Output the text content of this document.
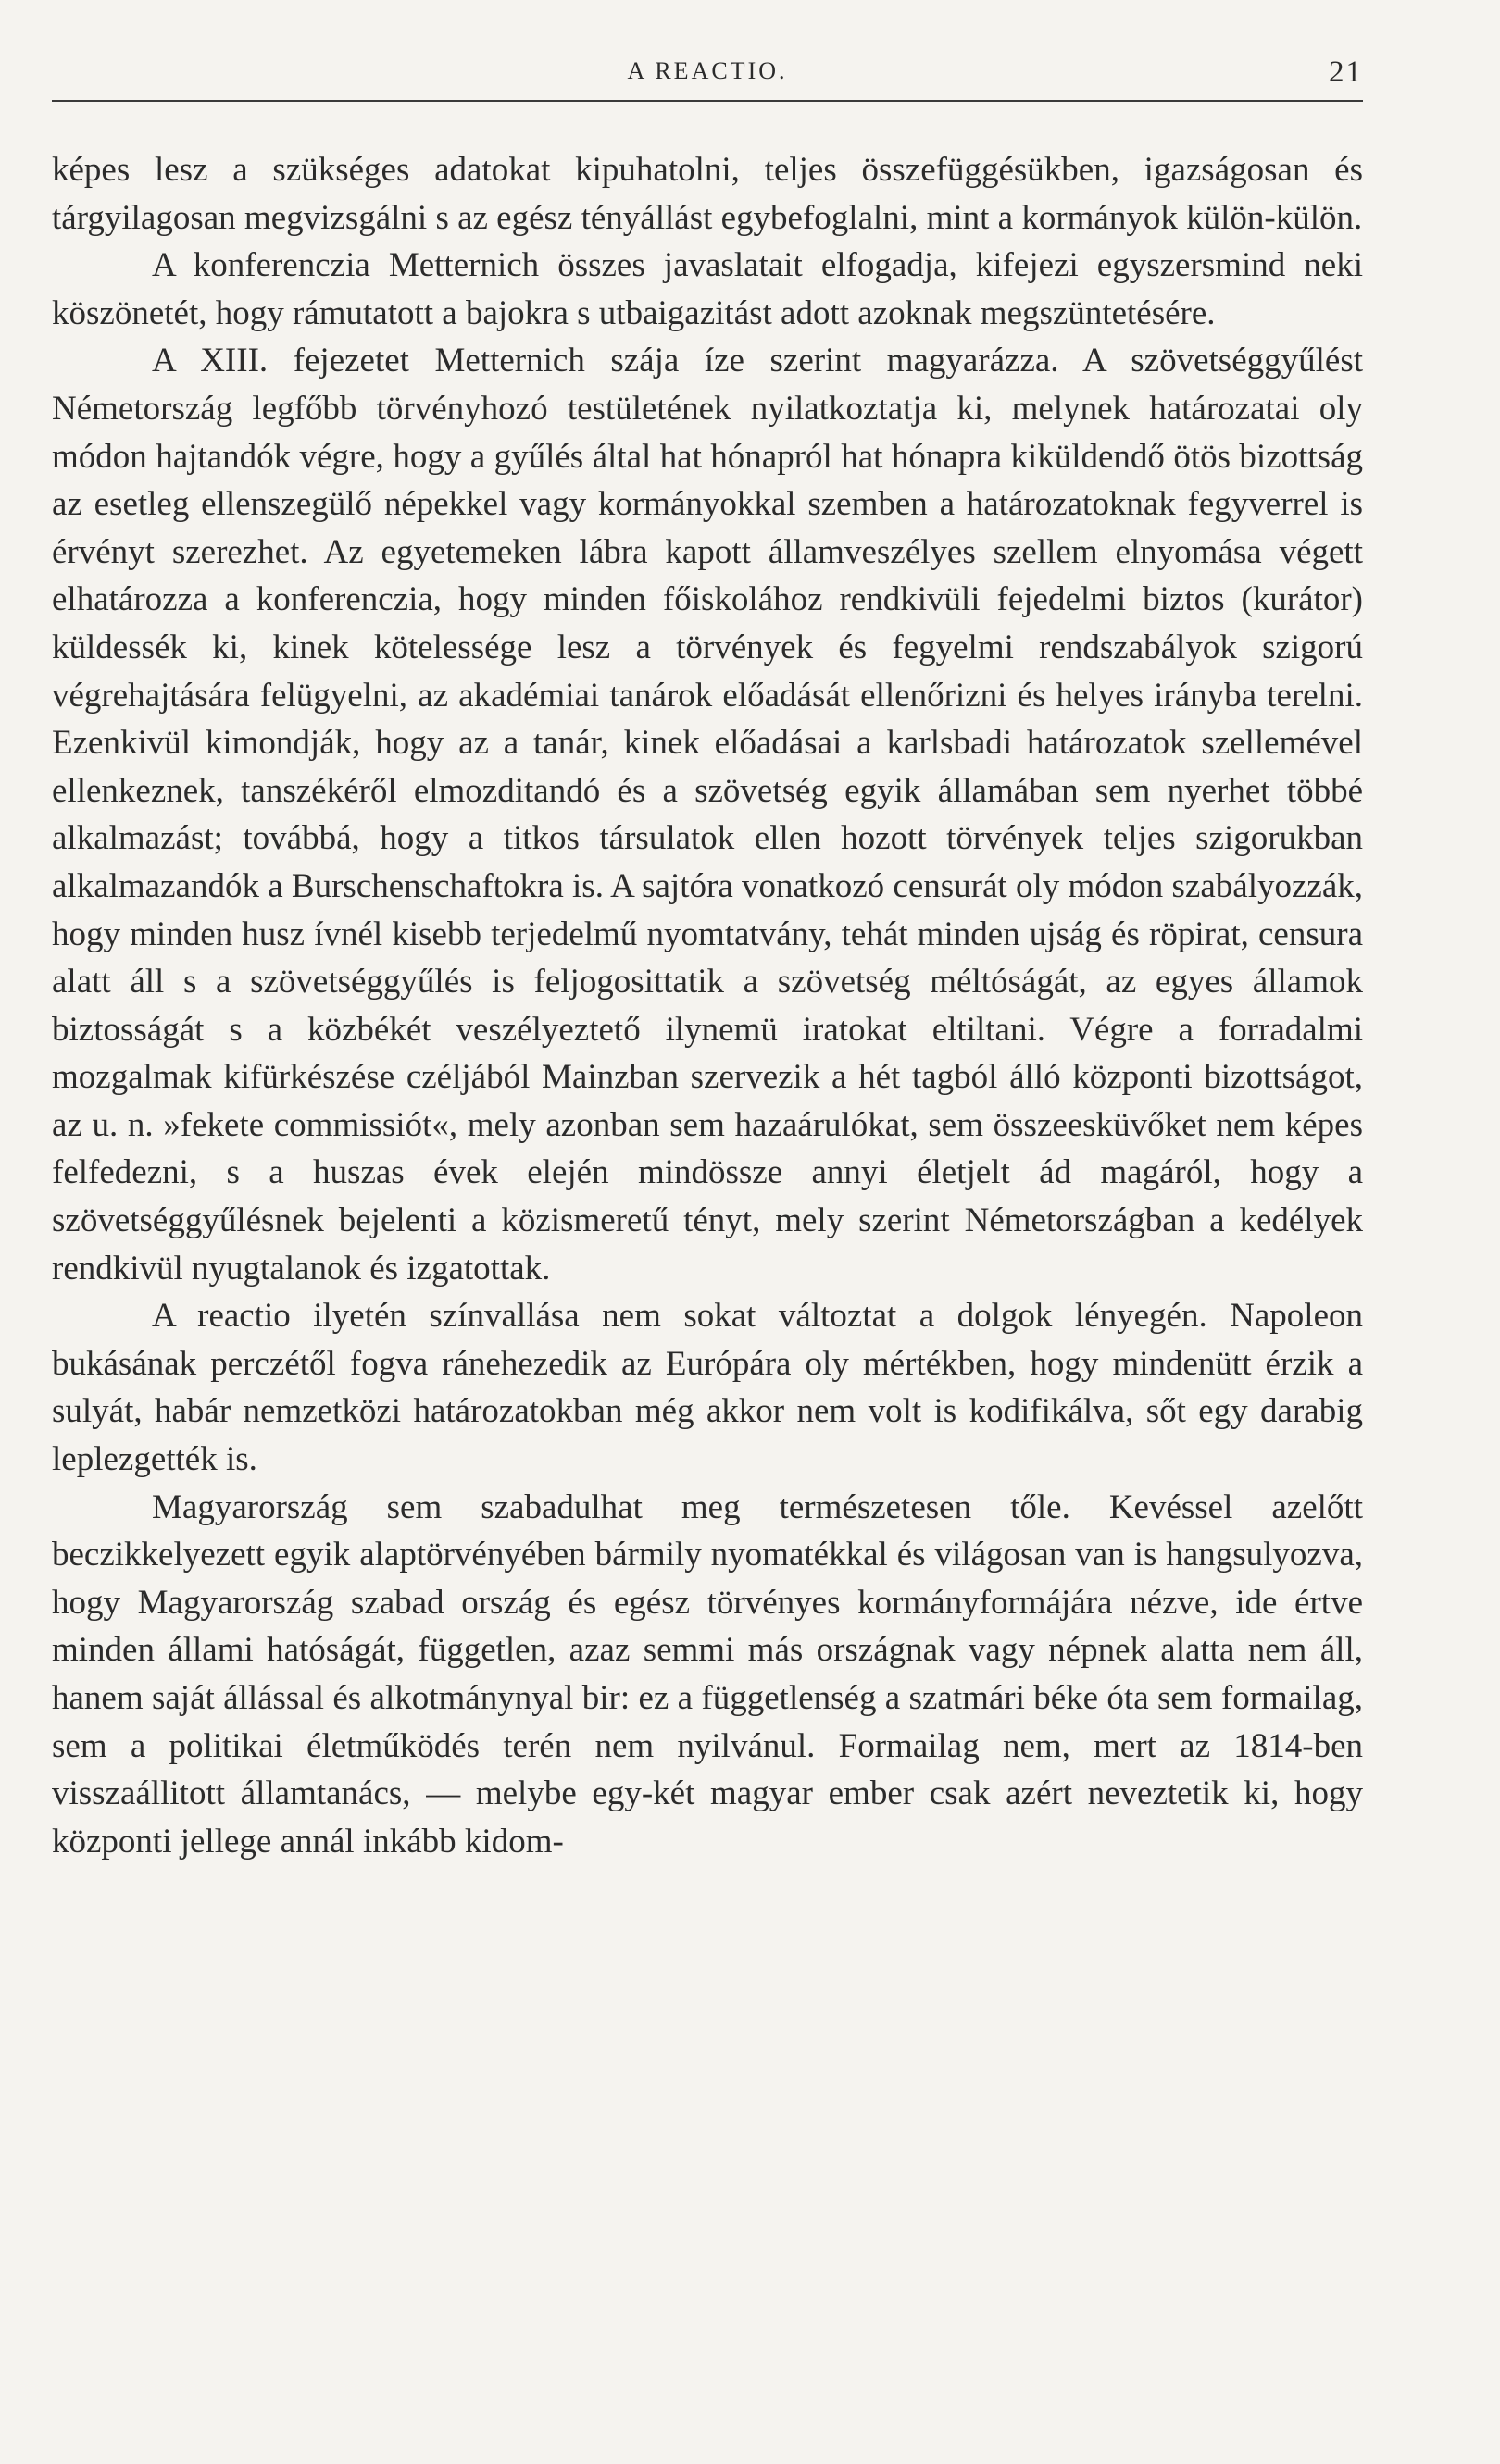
A REACTIO.	21

képes lesz a szükséges adatokat kipuhatolni, teljes összefüggésükben, igazságosan és tárgyilagosan megvizsgálni s az egész tényállást egybefoglalni, mint a kormányok külön-külön.

A konferenczia Metternich összes javaslatait elfogadja, kifejezi egyszersmind neki köszönetét, hogy rámutatott a bajokra s utbaigazitást adott azoknak megszüntetésére.

A XIII. fejezetet Metternich szája íze szerint magyarázza. A szövetséggyűlést Németország legfőbb törvényhozó testületének nyilatkoztatja ki, melynek határozatai oly módon hajtandók végre, hogy a gyűlés által hat hónapról hat hónapra kiküldendő ötös bizottság az esetleg ellenszegülő népekkel vagy kormányokkal szemben a határozatoknak fegyverrel is érvényt szerezhet. Az egyetemeken lábra kapott államveszélyes szellem elnyomása végett elhatározza a konferenczia, hogy minden főiskolához rendkivüli fejedelmi biztos (kurátor) küldessék ki, kinek kötelessége lesz a törvények és fegyelmi rendszabályok szigorú végrehajtására felügyelni, az akadémiai tanárok előadását ellenőrizni és helyes irányba terelni. Ezenkivül kimondják, hogy az a tanár, kinek előadásai a karlsbadi határozatok szellemével ellenkeznek, tanszékéről elmozditandó és a szövetség egyik államában sem nyerhet többé alkalmazást; továbbá, hogy a titkos társulatok ellen hozott törvények teljes szigorukban alkalmazandók a Burschenschaftokra is. A sajtóra vonatkozó censurát oly módon szabályozzák, hogy minden husz ívnél kisebb terjedelmű nyomtatvány, tehát minden ujság és röpirat, censura alatt áll s a szövetséggyűlés is feljogosittatik a szövetség méltóságát, az egyes államok biztosságát s a közbékét veszélyeztető ilynemü iratokat eltiltani. Végre a forradalmi mozgalmak kifürkészése czéljából Mainzban szervezik a hét tagból álló központi bizottságot, az u. n. »fekete commissiót«, mely azonban sem hazaárulókat, sem összeesküvőket nem képes felfedezni, s a huszas évek elején mindössze annyi életjelt ád magáról, hogy a szövetséggyűlésnek bejelenti a közismeretű tényt, mely szerint Németországban a kedélyek rendkivül nyugtalanok és izgatottak.

A reactio ilyetén színvallása nem sokat változtat a dolgok lényegén. Napoleon bukásának perczétől fogva ránehezedik az Európára oly mértékben, hogy mindenütt érzik a sulyát, habár nemzetközi határozatokban még akkor nem volt is kodifikálva, sőt egy darabig leplezgették is.

Magyarország sem szabadulhat meg természetesen tőle. Kevéssel azelőtt beczikkelyezett egyik alaptörvényében bármily nyomatékkal és világosan van is hangsulyozva, hogy Magyarország szabad ország és egész törvényes kormányformájára nézve, ide értve minden állami hatóságát, független, azaz semmi más országnak vagy népnek alatta nem áll, hanem saját állással és alkotmánynyal bir: ez a függetlenség a szatmári béke óta sem formailag, sem a politikai életműködés terén nem nyilvánul. Formailag nem, mert az 1814-ben visszaállitott államtanács, — melybe egy-két magyar ember csak azért neveztetik ki, hogy központi jellege annál inkább kidom-
